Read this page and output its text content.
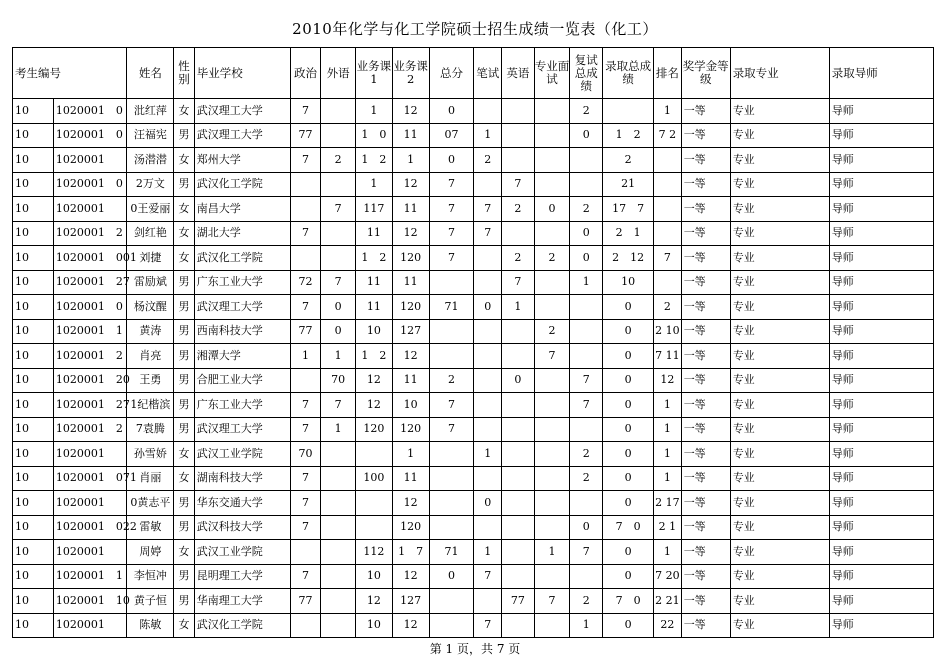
2010年化学与化工学院硕士招生成绩一览表（化工）
考生编号		姓名	性别	毕业学校	政治	外语	业务课1	业务课2	总分	笔试	英语	专业面试	复试总成绩	录取总成绩	排名	奖学金等级	录取专业	录取导师
10	1020001　0	沘红萍	女	武汉理工大学	7		1	12	0				2		1	一等	专业	导师
10	1020001　0	汪福宪	男	武汉理工大学	77		1　0	11	07	1			0	1　2	7 2	一等	专业	导师
10	1020001	汤潜潜	女	郑州大学	7	2	1　2	1	0	2				2		一等	专业	导师
10	1020001　0	2万文	男	武汉化工学院			1	12	7		7			21		一等	专业	导师
10	1020001	0王爱丽	女	南昌大学		7	117	11	7	7	2	0	2	17　7		一等	专业	导师
10	1020001　2	剑红艳	女	湖北大学	7		11	12	7	7			0	2　1		一等	专业	导师
10	1020001　001	刘捷	女	武汉化工学院			1　2	120	7		2	2	0	2　12	7	一等	专业	导师
10	1020001　27	雷励斌	男	广东工业大学	72	7	11	11			7		1	10		一等	专业	导师
10	1020001　0	杨汶醒	男	武汉理工大学	7	0	11	120	71	0	1			0	2	一等	专业	导师
10	1020001　1	黄涛	男	西南科技大学	77	0	10	127				2		0	2 10	一等	专业	导师
10	1020001　2	肖亮	男	湘潭大学	1	1	1　2	12				7		0	7 11	一等	专业	导师
10	1020001　20	王勇	男	合肥工业大学		70	12	11	2		0		7	0	12	一等	专业	导师
10	1020001　27	1纪楷滨	男	广东工业大学	7	7	12	10	7				7	0	1	一等	专业	导师
10	1020001　2	7袁腾	男	武汉理工大学	7	1	120	120	7					0	1	一等	专业	导师
10	1020001	孙雪娇	女	武汉工业学院	70			1		1			2	0	1	一等	专业	导师
10	1020001　071	肖丽	女	湖南科技大学	7		100	11					2	0	1	一等	专业	导师
10	1020001	0黄志平	男	华东交通大学	7			12		0				0	2 17	一等	专业	导师
10	1020001　022	雷敏	男	武汉科技大学	7			120					0	7　0	2 1	一等	专业	导师
10	1020001	周婷	女	武汉工业学院			112	1　7	71	1		1	7	0	1	一等	专业	导师
10	1020001　1	李恒冲	男	昆明理工大学	7		10	12	0	7				0	7 20	一等	专业	导师
10	1020001　10	黄子恒	男	华南理工大学	77		12	127			77	7	2	7　0	2 21	一等	专业	导师
10	1020001	陈敏	女	武汉化工学院			10	12		7			1	0	22	一等	专业	导师
第 1 页，共 7 页
